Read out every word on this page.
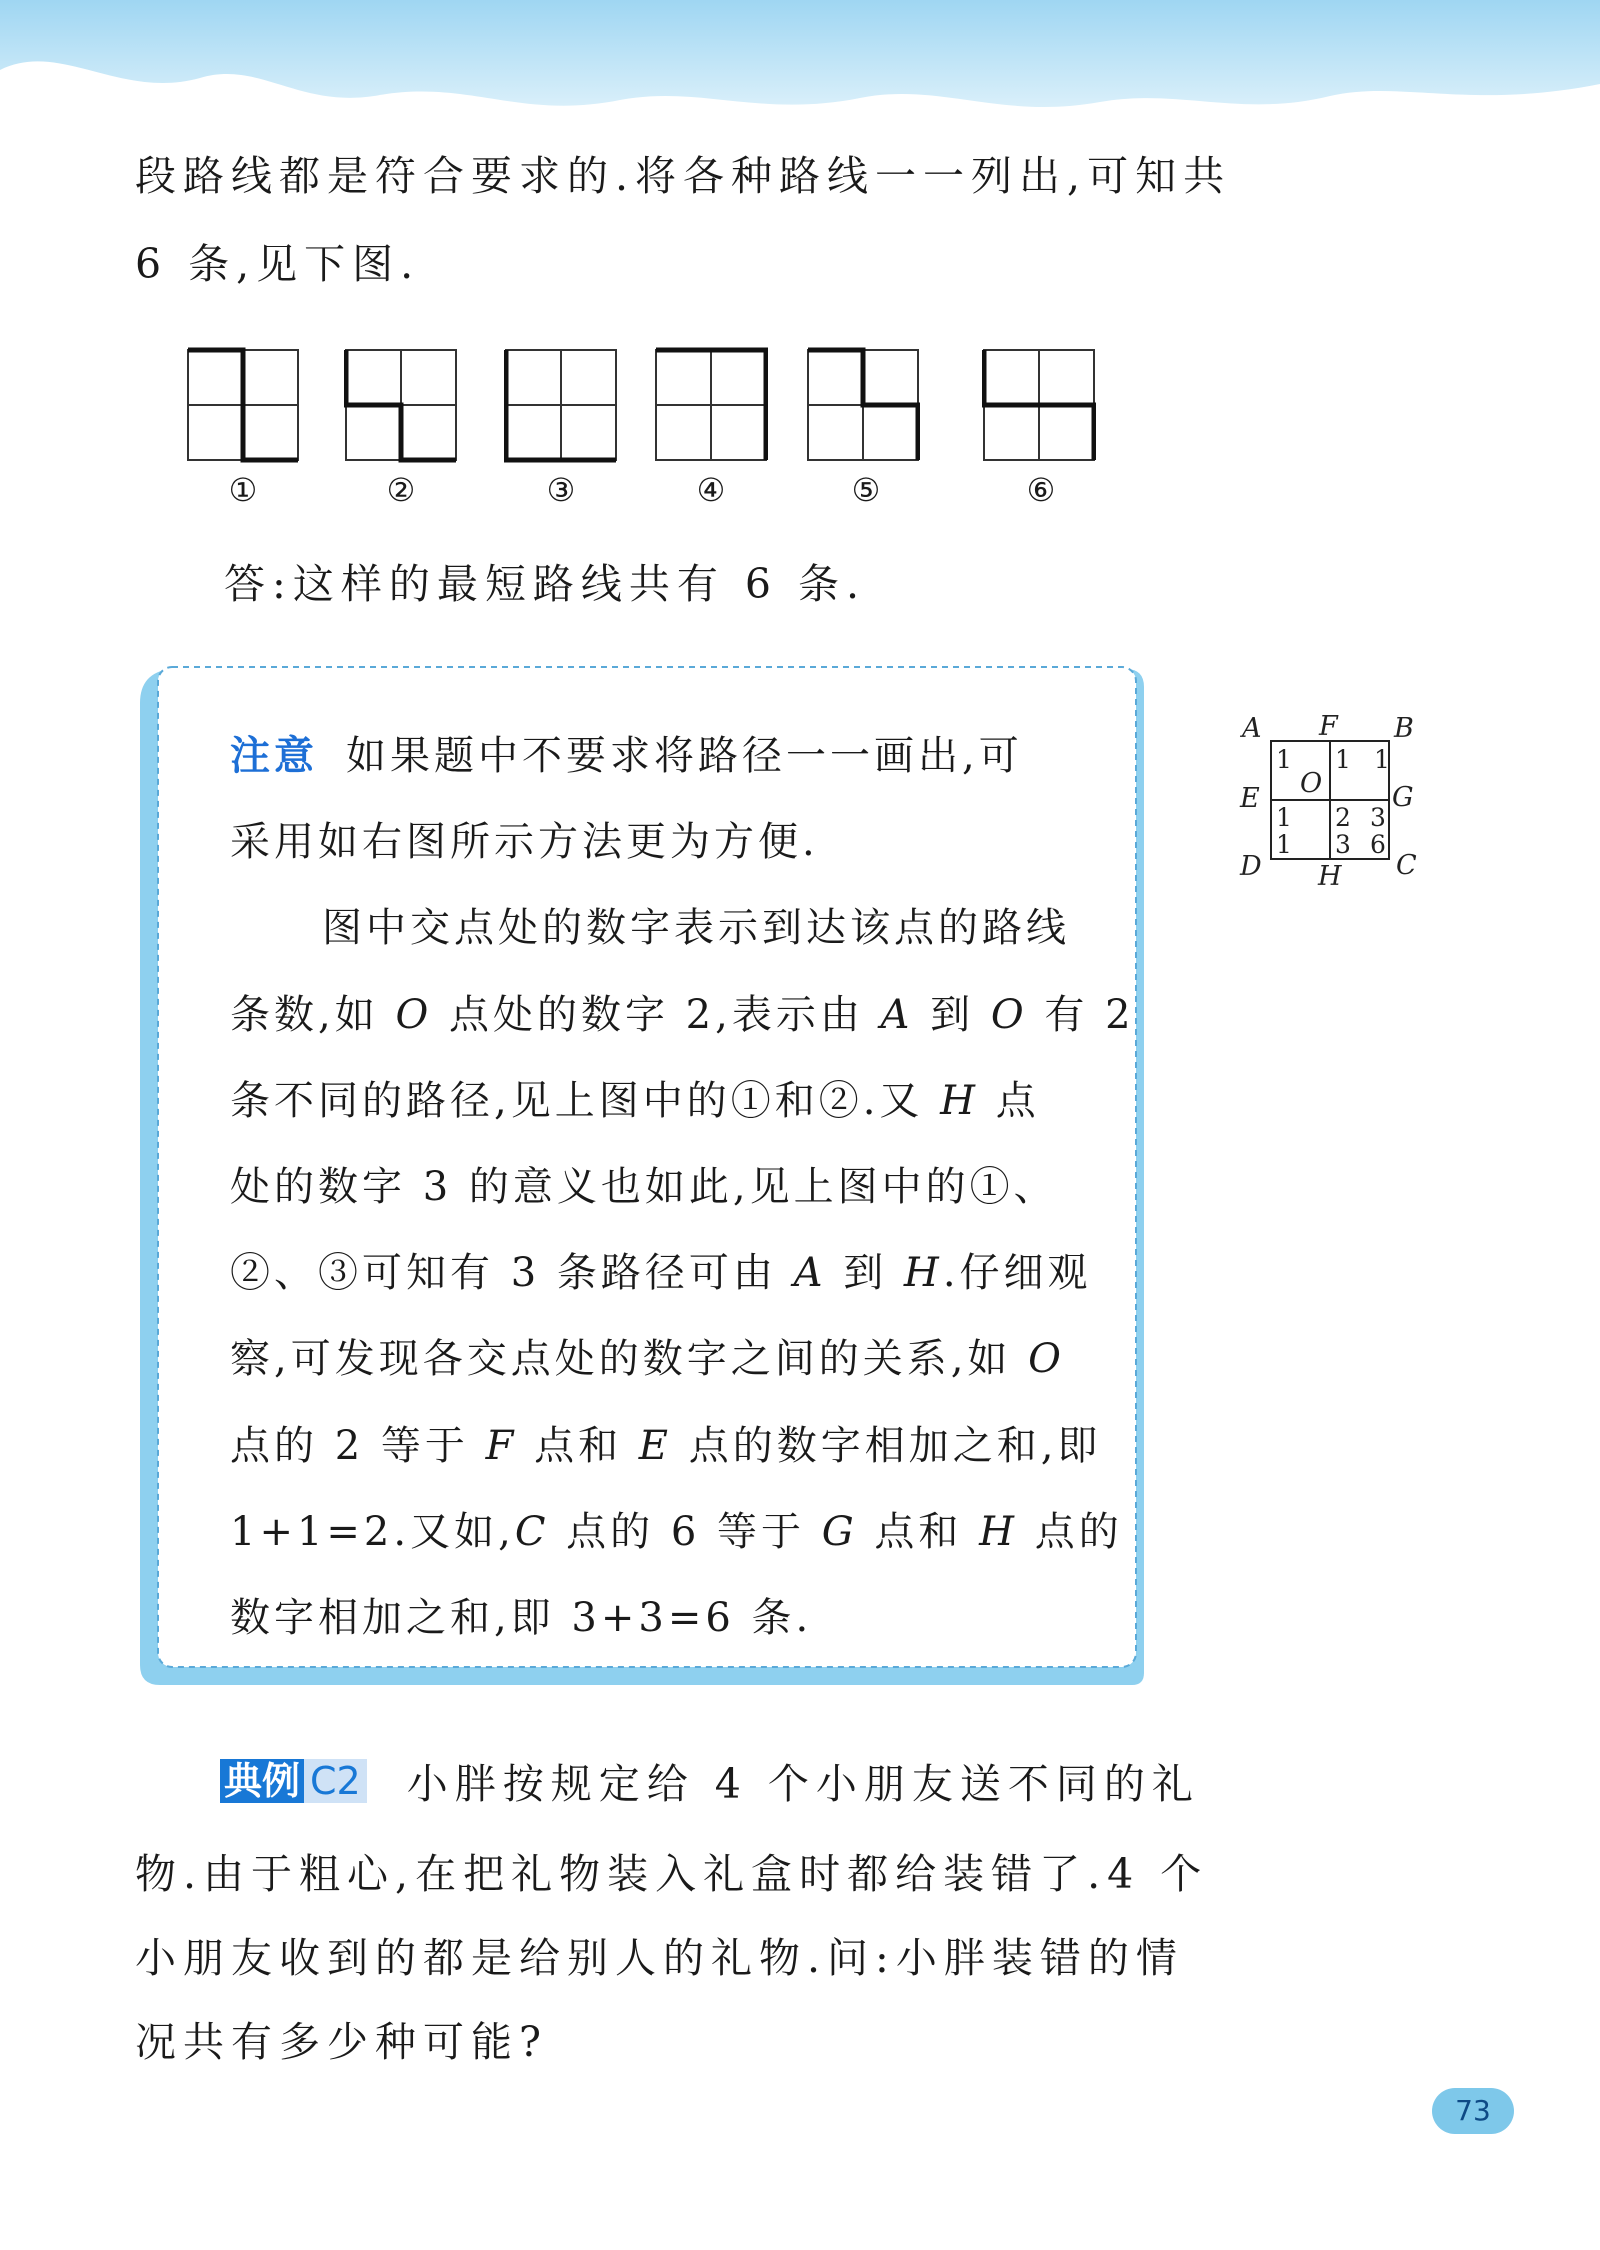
段路线都是符合要求的.将各种路线一一列出,可知共

6 条,见下图.

①	②	③	④	⑤	⑥

答:这样的最短路线共有 6 条.

注意 如果题中不要求将路径一一画出,可
采用如右图所示方法更为方便.
图中交点处的数字表示到达该点的路线
条数,如 O 点处的数字 2,表示由 A 到 O 有 2
条不同的路径,见上图中的①和②.又 H 点
处的数字 3 的意义也如此,见上图中的①、
②、③可知有 3 条路径可由 A 到 H.仔细观
察,可发现各交点处的数字之间的关系,如 O
点的 2 等于 F 点和 E 点的数字相加之和,即
1+1=2.又如,C 点的 6 等于 G 点和 H 点的
数字相加之和,即 3+3=6 条.
A F B
E O	G
D H C
1 1 1
1
1
2 3
3 6

典例 C2 小胖按规定给 4 个小朋友送不同的礼

物.由于粗心,在把礼物装入礼盒时都给装错了.4 个

小朋友收到的都是给别人的礼物.问:小胖装错的情

况共有多少种可能?

73
